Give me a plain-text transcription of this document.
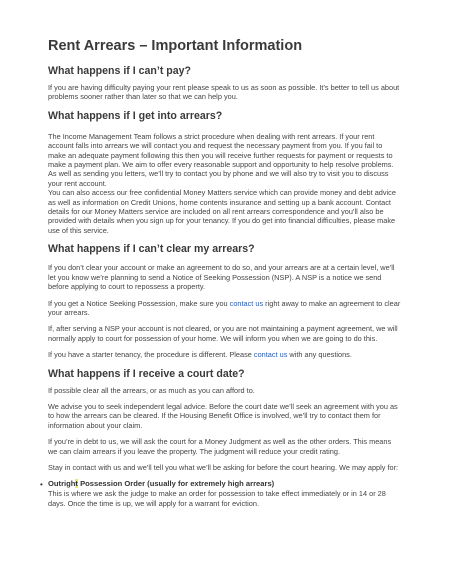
Rent Arrears – Important Information
What happens if I can’t pay?

If you are having difficulty paying your rent please speak to us as soon as possible. It’s better to tell us about problems sooner rather than later so that we can help you.

What happens if I get into arrears?

The Income Management Team follows a strict procedure when dealing with rent arrears. If your rent account falls into arrears we will contact you and request the necessary payment from you. If you fail to make an adequate payment following this then you will receive further requests for payment or requests to make a payment plan. We aim to offer every reasonable support and opportunity to help resolve problems. As well as sending you letters, we’ll try to contact you by phone and we will also try to visit you to discuss your rent account.

You can also access our free confidential Money Matters service which can provide money and debt advice as well as information on Credit Unions, home contents insurance and setting up a bank account. Contact details for our Money Matters service are included on all rent arrears correspondence and you’ll also be provided with details when you sign up for your tenancy. If you do get into financial difficulties, please make use of this service.

What happens if I can’t clear my arrears?

If you don’t clear your account or make an agreement to do so, and your arrears are at a certain level, we’ll let you know we’re planning to send a Notice of Seeking Possession (NSP). A NSP is a notice we send before applying to court to repossess a property.

If you get a Notice Seeking Possession, make sure you contact us right away to make an agreement to clear your arrears.

If, after serving a NSP your account is not cleared, or you are not maintaining a payment agreement, we will normally apply to court for possession of your home. We will inform you when we are going to do this.

If you have a starter tenancy, the procedure is different. Please contact us with any questions.

What happens if I receive a court date?

If possible clear all the arrears, or as much as you can afford to.

We advise you to seek independent legal advice. Before the court date we’ll seek an agreement with you as to how the arrears can be cleared. If the Housing Benefit Office is involved, we’ll try to contact them for information about your claim.

If you’re in debt to us, we will ask the court for a Money Judgment as well as the other orders. This means we can claim arrears if you leave the property. The judgment will reduce your credit rating.

Stay in contact with us and we’ll tell you what we’ll be asking for before the court hearing. We may apply for:

• Outright Possession Order (usually for extremely high arrears)

This is where we ask the judge to make an order for possession to take effect immediately or in 14 or 28 days. Once the time is up, we will apply for a warrant for eviction.
